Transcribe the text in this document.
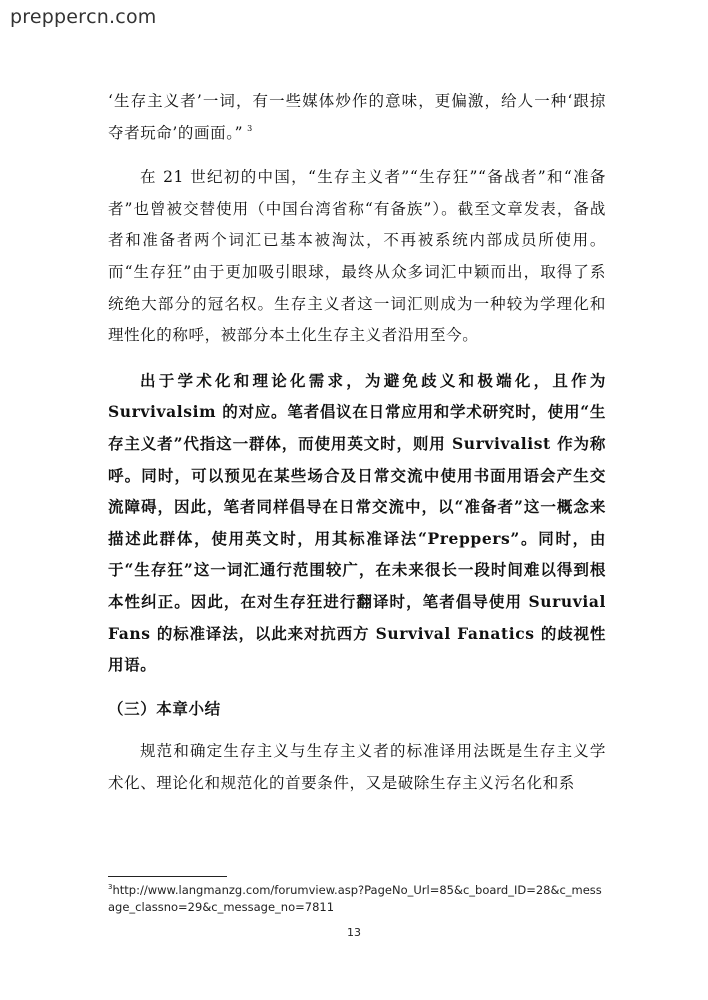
prepperсn.com

‘生存主义者’一词，有一些媒体炒作的意味，更偏激，给人一种‘跟掠夺者玩命’的画面。” $^3$

在 21 世纪初的中国，“生存主义者”“生存狂”“备战者”和“准备者”也曾被交替使用（中国台湾省称“有备族”）。截至文章发表，备战者和准备者两个词汇已基本被淘汰，不再被系统内部成员所使用。而“生存狂”由于更加吸引眼球，最终从众多词汇中颖而出，取得了系统绝大部分的冠名权。生存主义者这一词汇则成为一种较为学理化和理性化的称呼，被部分本土化生存主义者沿用至今。

出于学术化和理论化需求，为避免歧义和极端化，且作为 Survivalsim 的对应。笔者倡议在日常应用和学术研究时，使用“生存主义者”代指这一群体，而使用英文时，则用 Survivalist 作为称呼。同时，可以预见在某些场合及日常交流中使用书面用语会产生交流障碍，因此，笔者同样倡导在日常交流中，以“准备者”这一概念来描述此群体，使用英文时，用其标准译法“Preppers”。同时，由于“生存狂”这一词汇通行范围较广，在未来很长一段时间难以得到根本性纠正。因此，在对生存狂进行翻译时，笔者倡导使用 Suruvial Fans 的标准译法，以此来对抗西方 Survival Fanatics 的歧视性用语。

（三）本章小结

规范和确定生存主义与生存主义者的标准译用法既是生存主义学术化、理论化和规范化的首要条件，又是破除生存主义污名化和系

$^3$http://www.langmanzg.com/forumview.asp?PageNo_Url=85&c_board_ID=28&c_message_classno=29&c_message_no=7811
13
